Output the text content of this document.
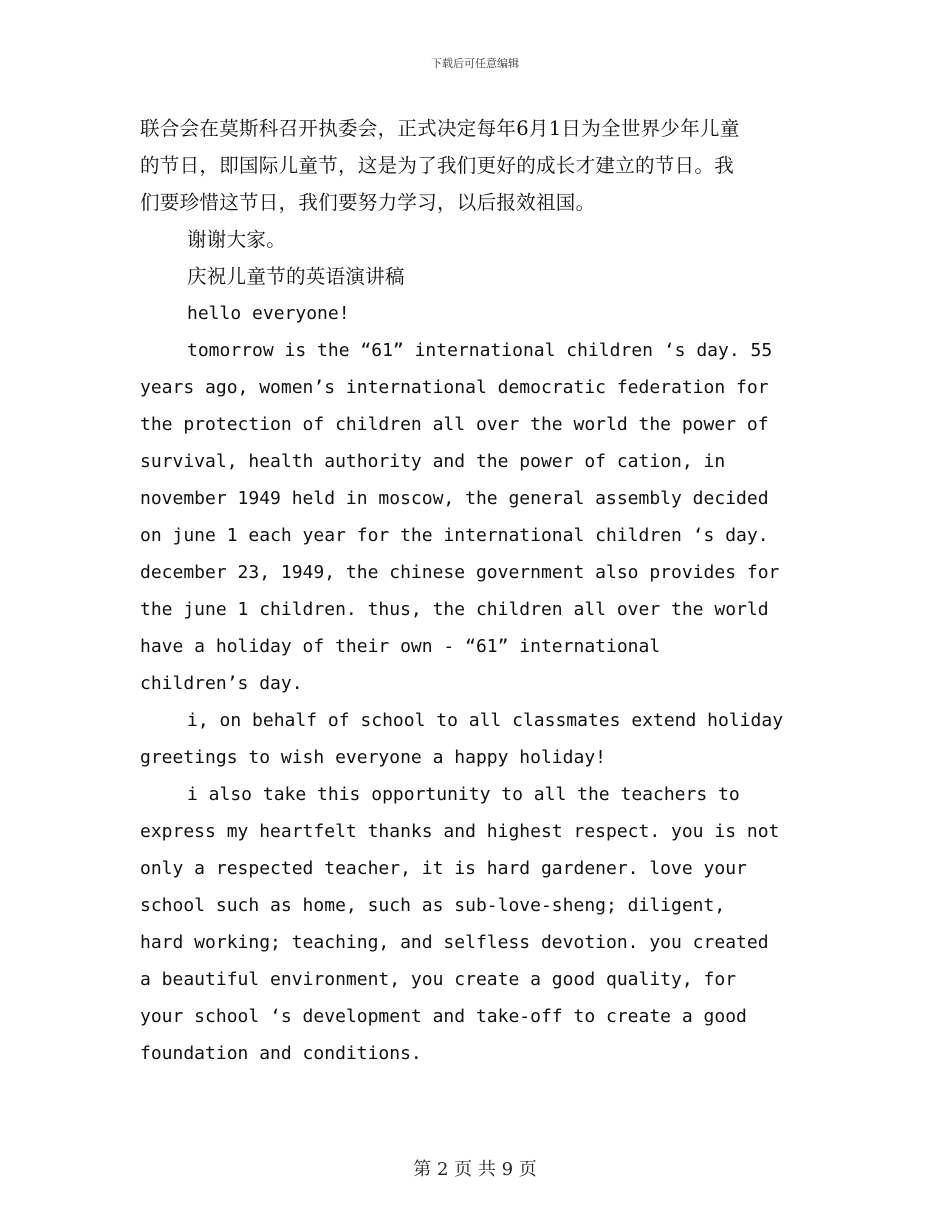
下载后可任意编辑
联合会在莫斯科召开执委会，正式决定每年6月1日为全世界少年儿童
的节日，即国际儿童节，这是为了我们更好的成长才建立的节日。我
们要珍惜这节日，我们要努力学习，以后报效祖国。
谢谢大家。
庆祝儿童节的英语演讲稿
hello everyone!
tomorrow is the “61” international children ‘s day. 55
years ago, women’s international democratic federation for
the protection of children all over the world the power of
survival, health authority and the power of cation, in
november 1949 held in moscow, the general assembly decided
on june 1 each year for the international children ‘s day.
december 23, 1949, the chinese government also provides for
the june 1 children. thus, the children all over the world
have a holiday of their own - “61” international
children’s day.
i, on behalf of school to all classmates extend holiday
greetings to wish everyone a happy holiday!
i also take this opportunity to all the teachers to
express my heartfelt thanks and highest respect. you is not
only a respected teacher, it is hard gardener. love your
school such as home, such as sub-love-sheng; diligent,
hard working; teaching, and selfless devotion. you created
a beautiful environment, you create a good quality, for
your school ‘s development and take-off to create a good
foundation and conditions.
第 2 页 共 9 页
